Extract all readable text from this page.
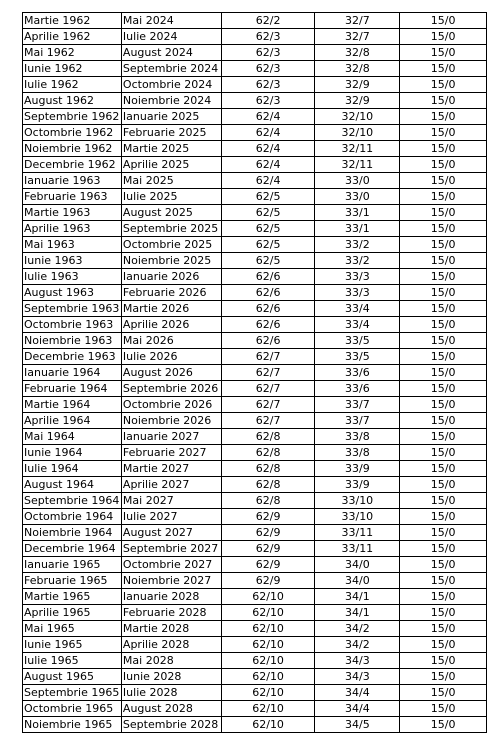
Martie 1962	Mai 2024	62/2	32/7	15/0
Aprilie 1962	Iulie 2024	62/3	32/7	15/0
Mai 1962	August 2024	62/3	32/8	15/0
Iunie 1962	Septembrie 2024	62/3	32/8	15/0
Iulie 1962	Octombrie 2024	62/3	32/9	15/0
August 1962	Noiembrie 2024	62/3	32/9	15/0
Septembrie 1962	Ianuarie 2025	62/4	32/10	15/0
Octombrie 1962	Februarie 2025	62/4	32/10	15/0
Noiembrie 1962	Martie 2025	62/4	32/11	15/0
Decembrie 1962	Aprilie 2025	62/4	32/11	15/0
Ianuarie 1963	Mai 2025	62/4	33/0	15/0
Februarie 1963	Iulie 2025	62/5	33/0	15/0
Martie 1963	August 2025	62/5	33/1	15/0
Aprilie 1963	Septembrie 2025	62/5	33/1	15/0
Mai 1963	Octombrie 2025	62/5	33/2	15/0
Iunie 1963	Noiembrie 2025	62/5	33/2	15/0
Iulie 1963	Ianuarie 2026	62/6	33/3	15/0
August 1963	Februarie 2026	62/6	33/3	15/0
Septembrie 1963	Martie 2026	62/6	33/4	15/0
Octombrie 1963	Aprilie 2026	62/6	33/4	15/0
Noiembrie 1963	Mai 2026	62/6	33/5	15/0
Decembrie 1963	Iulie 2026	62/7	33/5	15/0
Ianuarie 1964	August 2026	62/7	33/6	15/0
Februarie 1964	Septembrie 2026	62/7	33/6	15/0
Martie 1964	Octombrie 2026	62/7	33/7	15/0
Aprilie 1964	Noiembrie 2026	62/7	33/7	15/0
Mai 1964	Ianuarie 2027	62/8	33/8	15/0
Iunie 1964	Februarie 2027	62/8	33/8	15/0
Iulie 1964	Martie 2027	62/8	33/9	15/0
August 1964	Aprilie 2027	62/8	33/9	15/0
Septembrie 1964	Mai 2027	62/8	33/10	15/0
Octombrie 1964	Iulie 2027	62/9	33/10	15/0
Noiembrie 1964	August 2027	62/9	33/11	15/0
Decembrie 1964	Septembrie 2027	62/9	33/11	15/0
Ianuarie 1965	Octombrie 2027	62/9	34/0	15/0
Februarie 1965	Noiembrie 2027	62/9	34/0	15/0
Martie 1965	Ianuarie 2028	62/10	34/1	15/0
Aprilie 1965	Februarie 2028	62/10	34/1	15/0
Mai 1965	Martie 2028	62/10	34/2	15/0
Iunie 1965	Aprilie 2028	62/10	34/2	15/0
Iulie 1965	Mai 2028	62/10	34/3	15/0
August 1965	Iunie 2028	62/10	34/3	15/0
Septembrie 1965	Iulie 2028	62/10	34/4	15/0
Octombrie 1965	August 2028	62/10	34/4	15/0
Noiembrie 1965	Septembrie 2028	62/10	34/5	15/0
